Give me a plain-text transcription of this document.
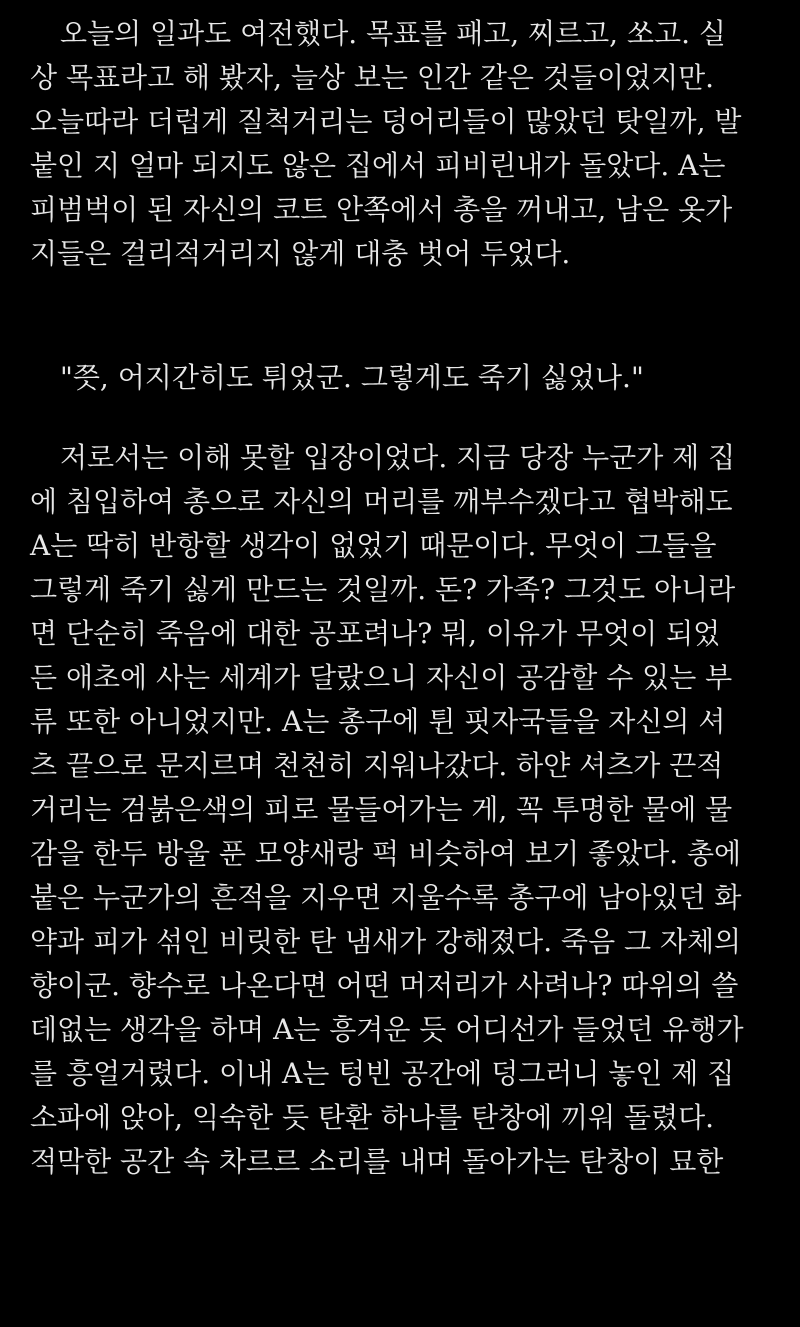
오늘의 일과도 여전했다. 목표를 패고, 찌르고, 쏘고. 실
상 목표라고 해 봤자, 늘상 보는 인간 같은 것들이었지만.
오늘따라 더럽게 질척거리는 덩어리들이 많았던 탓일까, 발
붙인 지 얼마 되지도 않은 집에서 피비린내가 돌았다. A는
피범벅이 된 자신의 코트 안쪽에서 총을 꺼내고, 남은 옷가
지들은 걸리적거리지 않게 대충 벗어 두었다.
"쯧, 어지간히도 튀었군. 그렇게도 죽기 싫었나."
저로서는 이해 못할 입장이었다. 지금 당장 누군가 제 집
에 침입하여 총으로 자신의 머리를 깨부수겠다고 협박해도
A는 딱히 반항할 생각이 없었기 때문이다. 무엇이 그들을
그렇게 죽기 싫게 만드는 것일까. 돈? 가족? 그것도 아니라
면 단순히 죽음에 대한 공포려나? 뭐, 이유가 무엇이 되었
든 애초에 사는 세계가 달랐으니 자신이 공감할 수 있는 부
류 또한 아니었지만. A는 총구에 튄 핏자국들을 자신의 셔
츠 끝으로 문지르며 천천히 지워나갔다. 하얀 셔츠가 끈적
거리는 검붉은색의 피로 물들어가는 게, 꼭 투명한 물에 물
감을 한두 방울 푼 모양새랑 퍽 비슷하여 보기 좋았다. 총에
붙은 누군가의 흔적을 지우면 지울수록 총구에 남아있던 화
약과 피가 섞인 비릿한 탄 냄새가 강해졌다. 죽음 그 자체의
향이군. 향수로 나온다면 어떤 머저리가 사려나? 따위의 쓸
데없는 생각을 하며 A는 흥겨운 듯 어디선가 들었던 유행가
를 흥얼거렸다. 이내 A는 텅빈 공간에 덩그러니 놓인 제 집
소파에 앉아, 익숙한 듯 탄환 하나를 탄창에 끼워 돌렸다.
적막한 공간 속 차르르 소리를 내며 돌아가는 탄창이 묘한
